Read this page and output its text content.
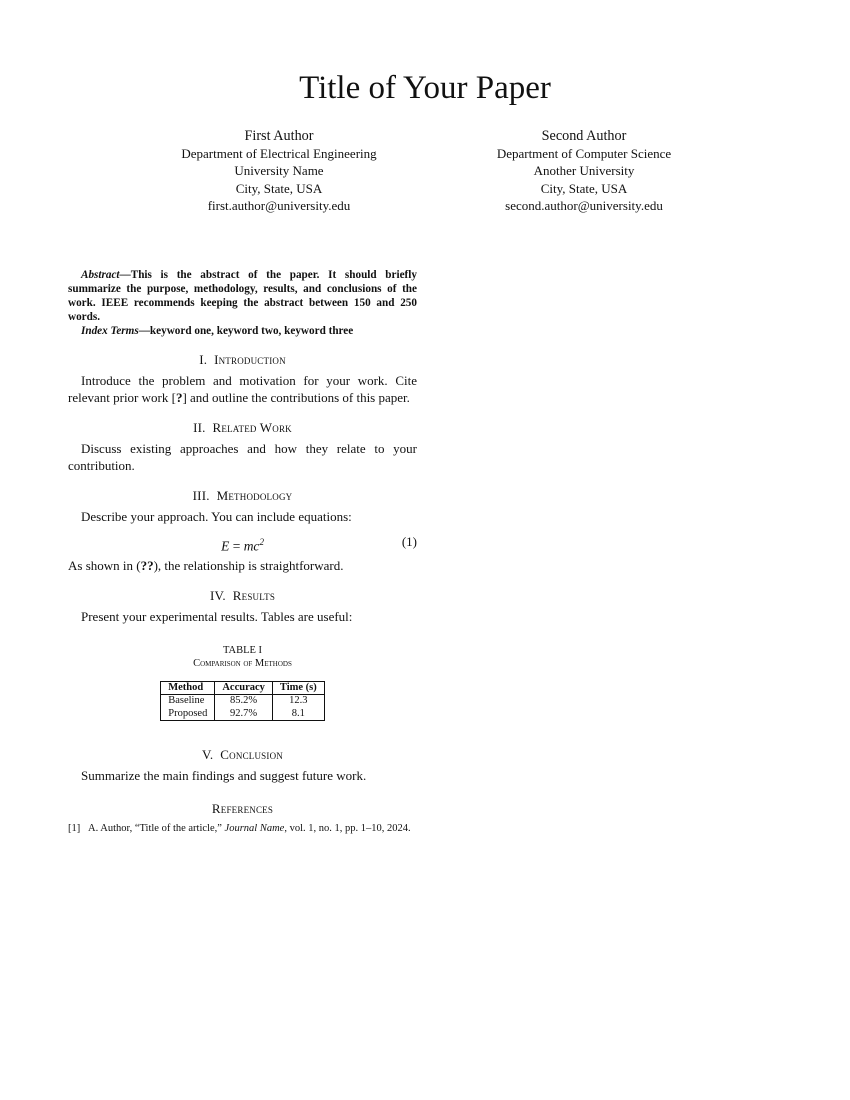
Title of Your Paper
First Author
Department of Electrical Engineering
University Name
City, State, USA
first.author@university.edu
Second Author
Department of Computer Science
Another University
City, State, USA
second.author@university.edu

Abstract—This is the abstract of the paper. It should briefly summarize the purpose, methodology, results, and conclusions of the work. IEEE recommends keeping the abstract between 150 and 250 words.

Index Terms—keyword one, keyword two, keyword three

I. Introduction

Introduce the problem and motivation for your work. Cite relevant prior work [?] and outline the contributions of this paper.

II. Related Work

Discuss existing approaches and how they relate to your contribution.

III. Methodology

Describe your approach. You can include equations:

$E = mc^2$	(1)

As shown in (??), the relationship is straightforward.

IV. Results

Present your experimental results. Tables are useful:

TABLE I
Comparison of Methods
Method	Accuracy	Time (s)
Baseline	85.2%	12.3
Proposed	92.7%	8.1
V. Conclusion

Summarize the main findings and suggest future work.

References
[1] A. Author, “Title of the article,” Journal Name, vol. 1, no. 1, pp. 1–10, 2024.
